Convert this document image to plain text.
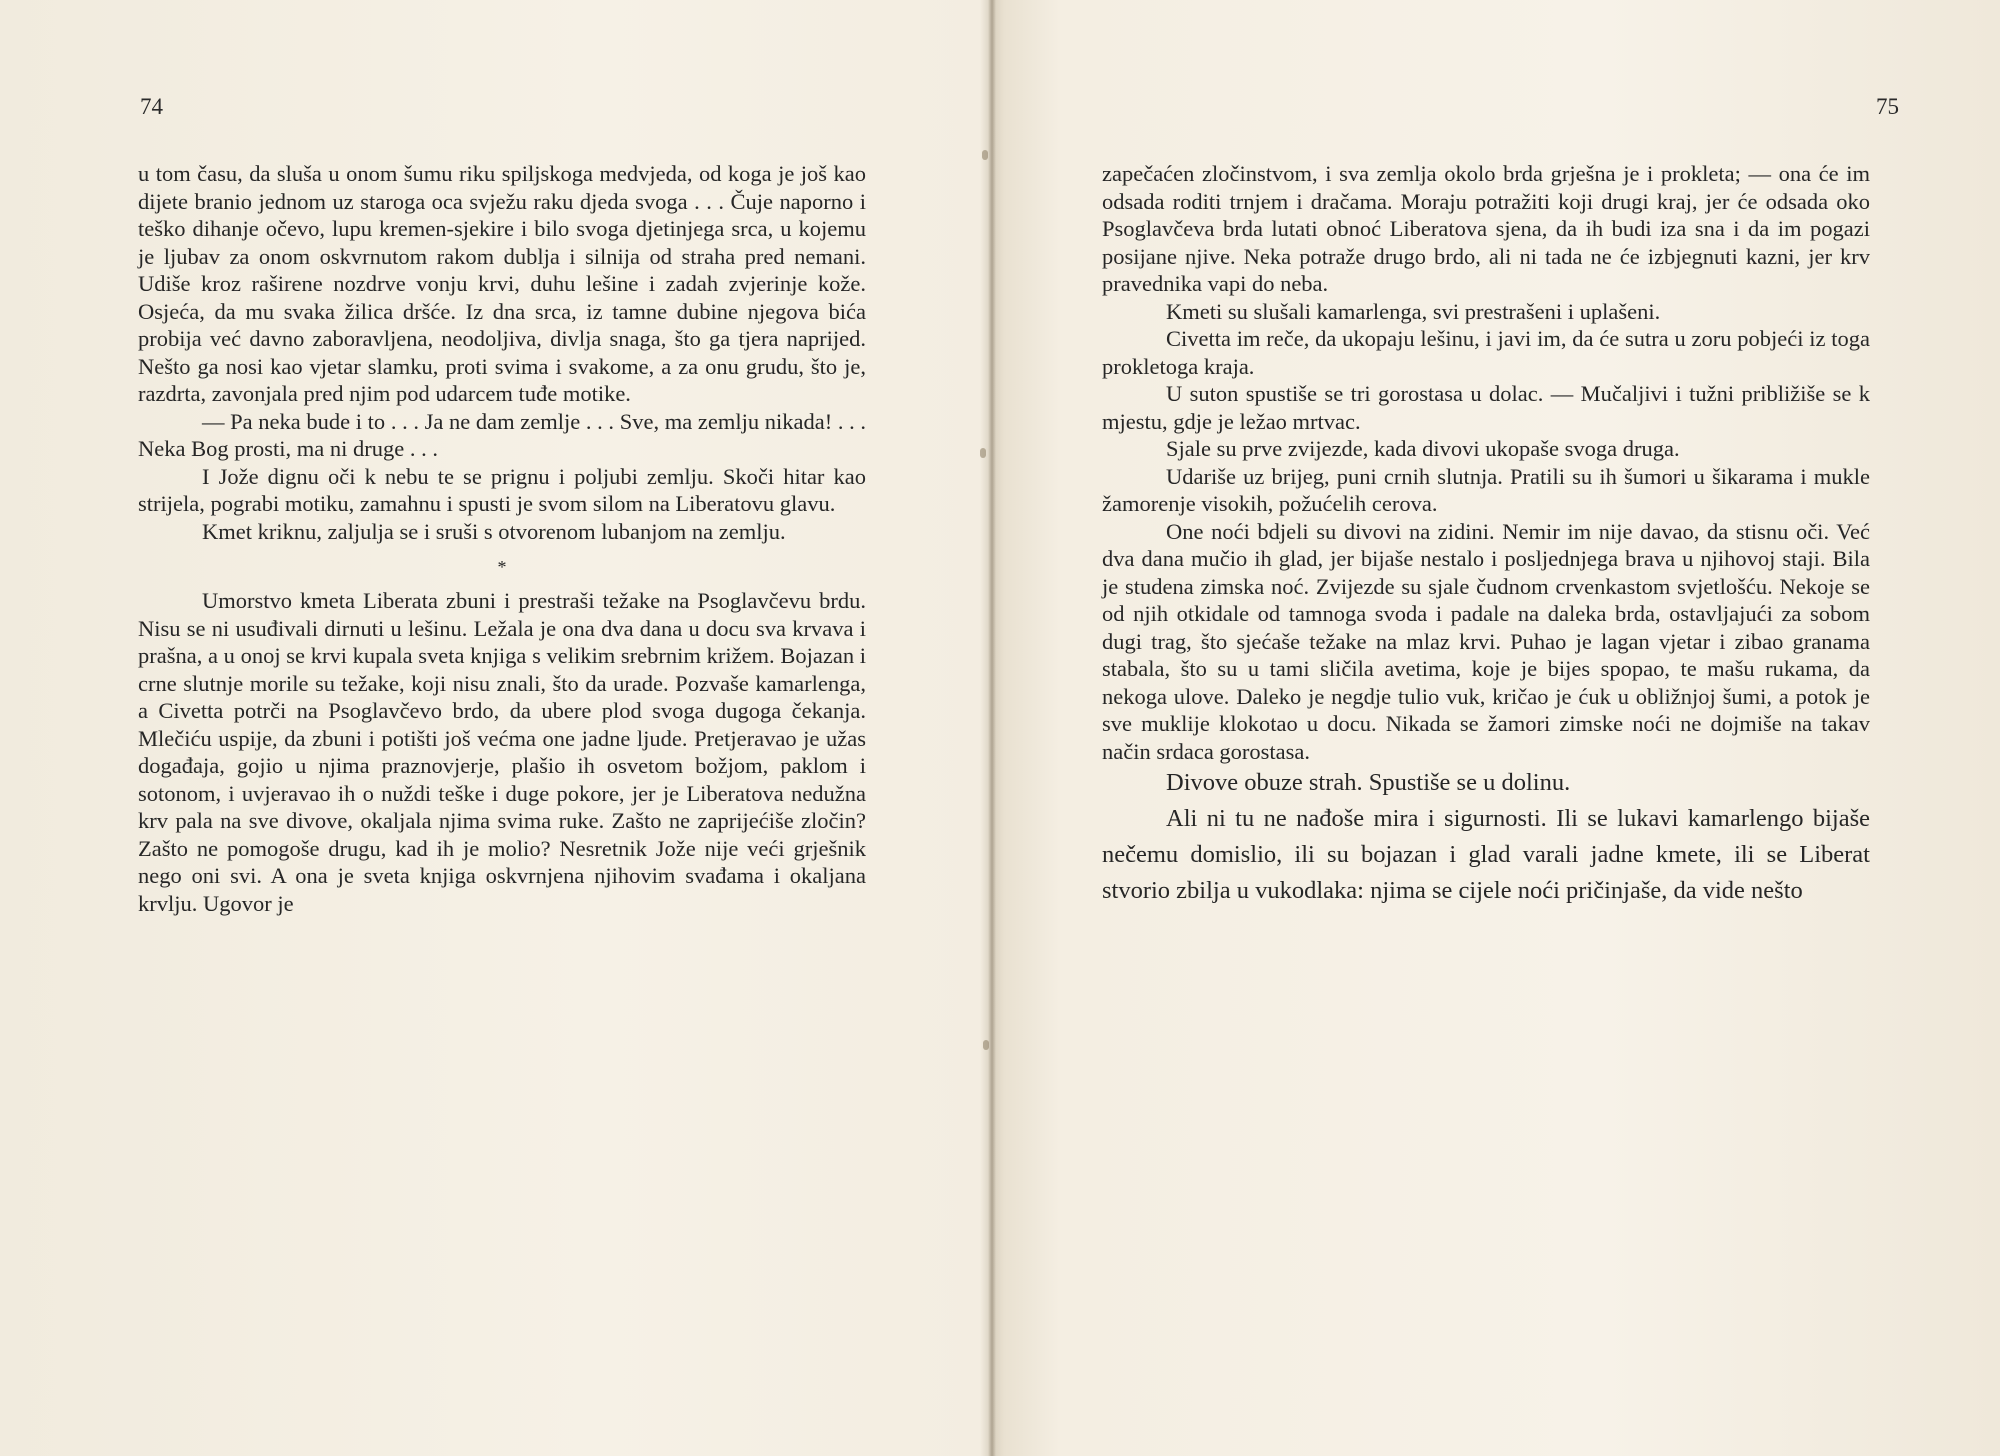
74

u tom času, da sluša u onom šumu riku spiljskoga medvjeda, od koga je još kao dijete branio jednom uz staroga oca svježu raku djeda svoga . . . Čuje naporno i teško dihanje očevo, lupu kremen-sjekire i bilo svoga djetinjega srca, u kojemu je ljubav za onom oskvrnutom rakom dublja i silnija od straha pred nemani. Udiše kroz raširene nozdrve vonju krvi, duhu lešine i zadah zvjerinje kože. Osjeća, da mu svaka žilica dršće. Iz dna srca, iz tamne dubine njegova bića probija već davno zaboravljena, neodoljiva, divlja snaga, što ga tjera naprijed. Nešto ga nosi kao vjetar slamku, proti svima i svakome, a za onu grudu, što je, razdrta, zavonjala pred njim pod udarcem tuđe motike.

— Pa neka bude i to . . . Ja ne dam zemlje . . . Sve, ma zemlju nikada! . . . Neka Bog prosti, ma ni druge . . .

I Jože dignu oči k nebu te se prignu i poljubi zemlju. Skoči hitar kao strijela, pograbi motiku, zamahnu i spusti je svom silom na Liberatovu glavu.

Kmet kriknu, zaljulja se i sruši s otvorenom lubanjom na zemlju.

*

Umorstvo kmeta Liberata zbuni i prestraši težake na Psoglavčevu brdu. Nisu se ni usuđivali dirnuti u lešinu. Ležala je ona dva dana u docu sva krvava i prašna, a u onoj se krvi kupala sveta knjiga s velikim srebrnim križem. Bojazan i crne slutnje morile su težake, koji nisu znali, što da urade. Pozvaše kamarlenga, a Civetta potrči na Psoglavčevo brdo, da ubere plod svoga dugoga čekanja. Mlečiću uspije, da zbuni i potišti još većma one jadne ljude. Pretjeravao je užas događaja, gojio u njima praznovjerje, plašio ih osvetom božjom, paklom i sotonom, i uvjeravao ih o nuždi teške i duge pokore, jer je Liberatova nedužna krv pala na sve divove, okaljala njima svima ruke. Zašto ne zaprijećiše zločin? Zašto ne pomogoše drugu, kad ih je molio? Nesretnik Jože nije veći grješnik nego oni svi. A ona je sveta knjiga oskvrnjena njihovim svađama i okaljana krvlju. Ugovor je

75

zapečaćen zločinstvom, i sva zemlja okolo brda grješna je i prokleta; — ona će im odsada roditi trnjem i dračama. Moraju potražiti koji drugi kraj, jer će odsada oko Psoglavčeva brda lutati obnoć Liberatova sjena, da ih budi iza sna i da im pogazi posijane njive. Neka potraže drugo brdo, ali ni tada ne će izbjegnuti kazni, jer krv pravednika vapi do neba.

Kmeti su slušali kamarlenga, svi prestrašeni i uplašeni.

Civetta im reče, da ukopaju lešinu, i javi im, da će sutra u zoru pobjeći iz toga prokletoga kraja.

U suton spustiše se tri gorostasa u dolac. — Mučaljivi i tužni približiše se k mjestu, gdje je ležao mrtvac.

Sjale su prve zvijezde, kada divovi ukopaše svoga druga.

Udariše uz brijeg, puni crnih slutnja. Pratili su ih šumori u šikarama i mukle žamorenje visokih, požućelih cerova.

One noći bdjeli su divovi na zidini. Nemir im nije davao, da stisnu oči. Već dva dana mučio ih glad, jer bijaše nestalo i posljednjega brava u njihovoj staji. Bila je studena zimska noć. Zvijezde su sjale čudnom crvenkastom svjetlošću. Nekoje se od njih otkidale od tamnoga svoda i padale na daleka brda, ostavljajući za sobom dugi trag, što sjećaše težake na mlaz krvi. Puhao je lagan vjetar i zibao granama stabala, što su u tami sličila avetima, koje je bijes spopao, te mašu rukama, da nekoga ulove. Daleko je negdje tulio vuk, kričao je ćuk u obližnjoj šumi, a potok je sve muklije klokotao u docu. Nikada se žamori zimske noći ne dojmiše na takav način srdaca gorostasa.

Divove obuze strah. Spustiše se u dolinu.

Ali ni tu ne nađoše mira i sigurnosti. Ili se lukavi kamarlengo bijaše nečemu domislio, ili su bojazan i glad varali jadne kmete, ili se Liberat stvorio zbilja u vukodlaka: njima se cijele noći pričinjaše, da vide nešto
